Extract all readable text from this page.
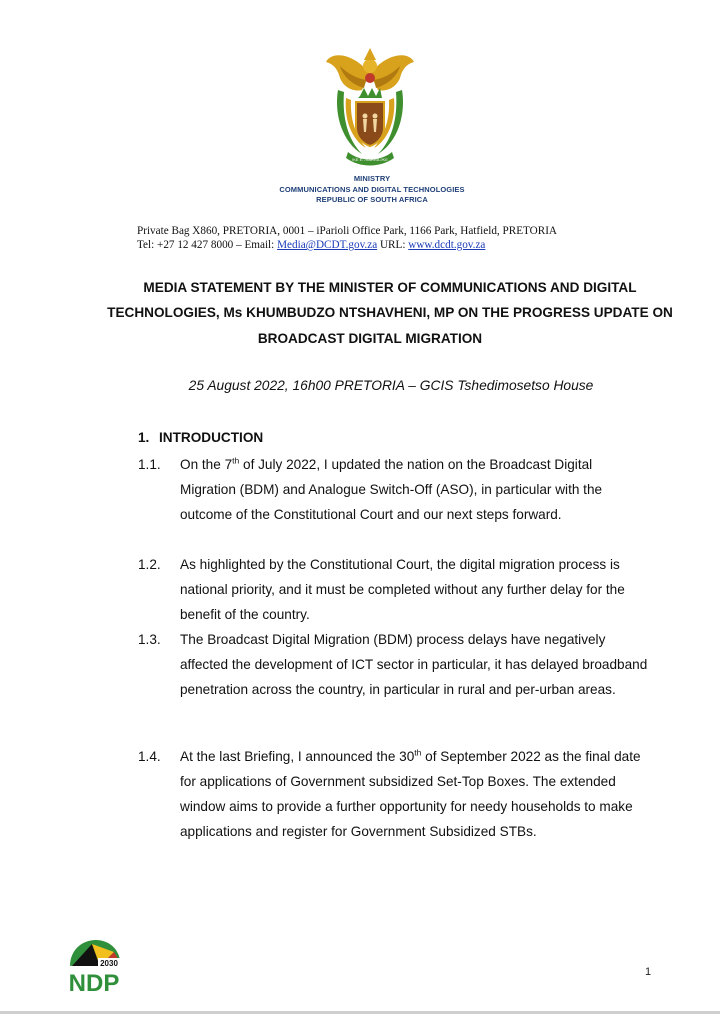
!KE E: /XARRA //KE
MINISTRY
COMMUNICATIONS AND DIGITAL TECHNOLOGIES
REPUBLIC OF SOUTH AFRICA
Private Bag X860, PRETORIA, 0001 – iParioli Office Park, 1166 Park, Hatfield, PRETORIA
Tel: +27 12 427 8000 – Email: Media@DCDT.gov.za URL: www.dcdt.gov.za
MEDIA STATEMENT BY THE MINISTER OF COMMUNICATIONS AND DIGITAL
TECHNOLOGIES, Ms KHUMBUDZO NTSHAVHENI, MP ON THE PROGRESS UPDATE ON
BROADCAST DIGITAL MIGRATION
25 August 2022, 16h00 PRETORIA – GCIS Tshedimosetso House
1. INTRODUCTION
1.1. On the 7th of July 2022, I updated the nation on the Broadcast Digital Migration (BDM) and Analogue Switch-Off (ASO), in particular with the outcome of the Constitutional Court and our next steps forward.
1.2. As highlighted by the Constitutional Court, the digital migration process is national priority, and it must be completed without any further delay for the benefit of the country.
1.3. The Broadcast Digital Migration (BDM) process delays have negatively affected the development of ICT sector in particular, it has delayed broadband penetration across the country, in particular in rural and per-urban areas.
1.4. At the last Briefing, I announced the 30th of September 2022 as the final date for applications of Government subsidized Set-Top Boxes. The extended window aims to provide a further opportunity for needy households to make applications and register for Government Subsidized STBs.
2030
NDP	1
